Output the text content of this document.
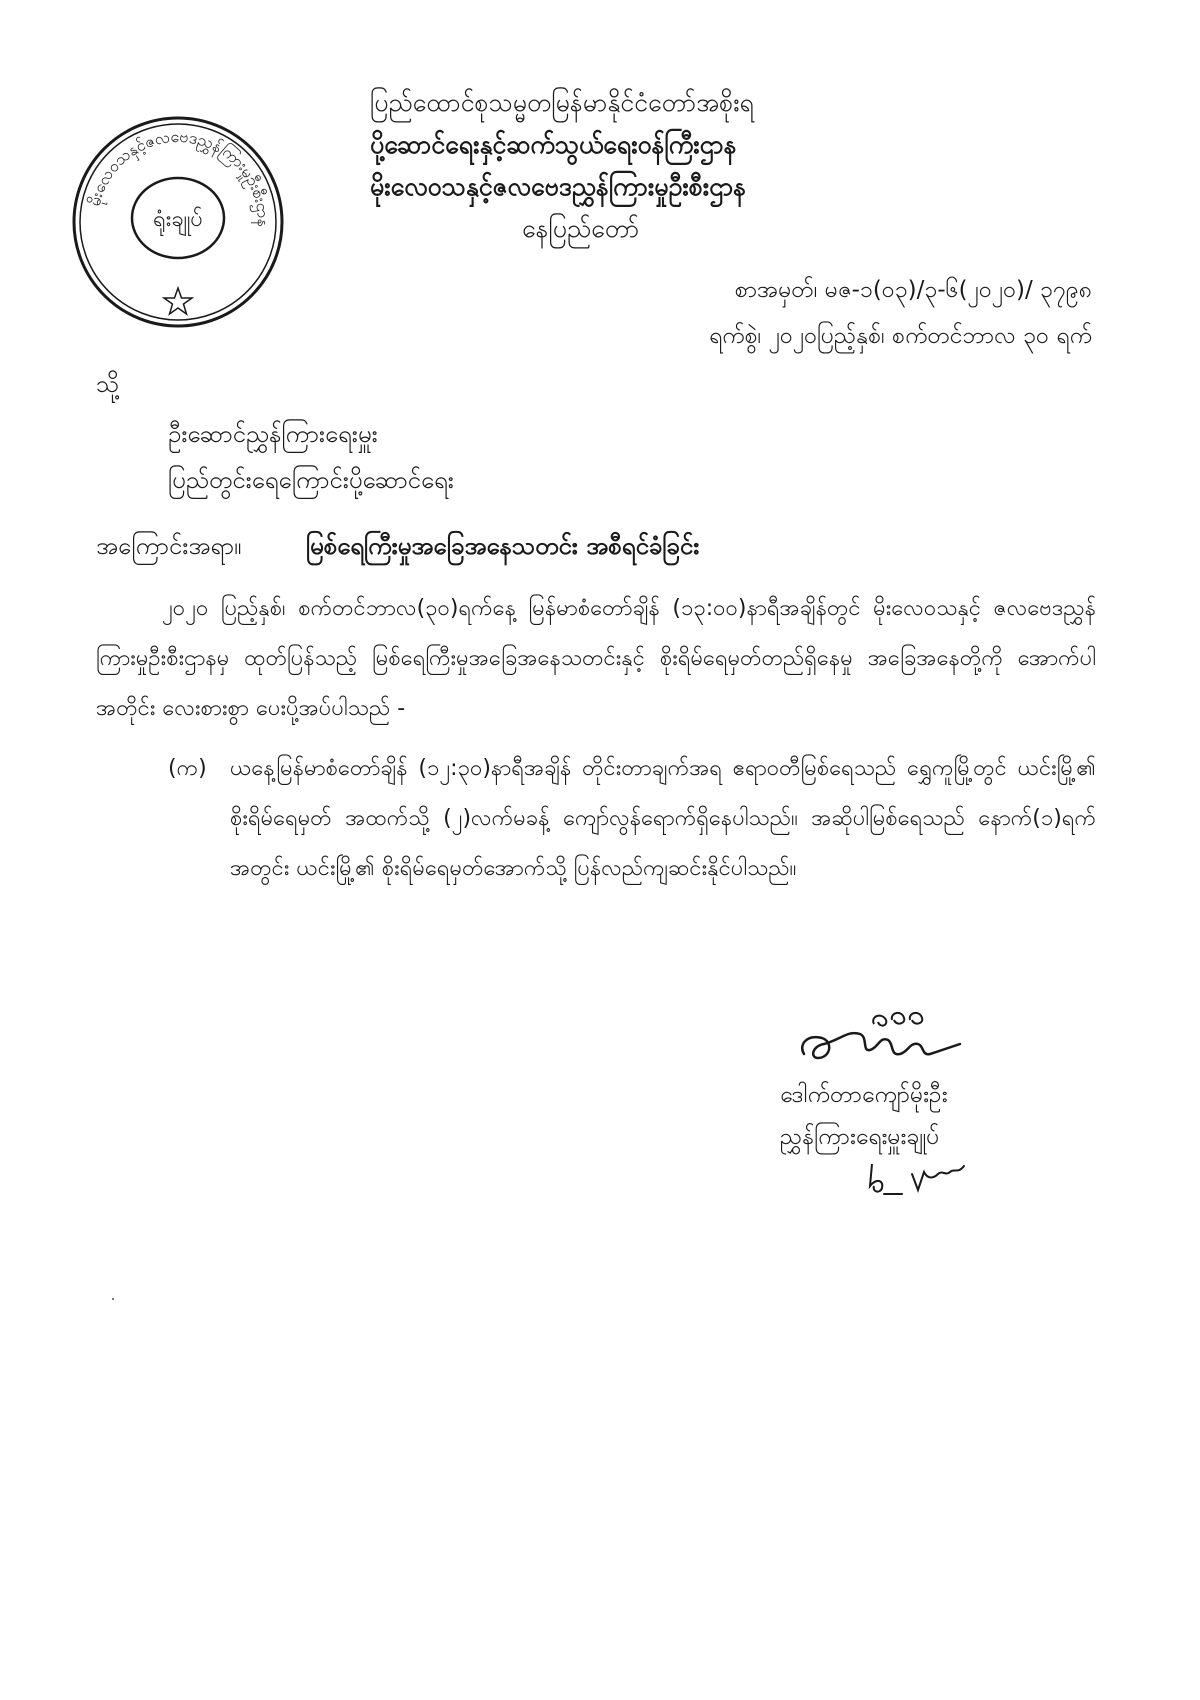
မိုးလေဝသနှင့်ဇလဗေဒညွှန်ကြားမှုဦးစီးဌာန
ရုံးချုပ်
ပြည်ထောင်စုသမ္မတမြန်မာနိုင်ငံတော်အစိုးရ
ပို့ဆောင်ရေးနှင့်ဆက်သွယ်ရေးဝန်ကြီးဌာန
မိုးလေဝသနှင့်ဇလဗေဒညွှန်ကြားမှုဦးစီးဌာန
နေပြည်တော်
စာအမှတ်၊ မဇ-၁(၀၃)/၃-၆(၂၀၂၀)/ ၃၇၉၈
ရက်စွဲ၊ ၂၀၂၀ပြည့်နှစ်၊ စက်တင်ဘာလ ၃၀ ရက်
သို့
ဦးဆောင်ညွှန်ကြားရေးမှူး
ပြည်တွင်းရေကြောင်းပို့ဆောင်ရေး
အကြောင်းအရာ။	မြစ်ရေကြီးမှုအခြေအနေသတင်း အစီရင်ခံခြင်း
၂၀၂၀ ပြည့်နှစ်၊ စက်တင်ဘာလ(၃၀)ရက်နေ့ မြန်မာစံတော်ချိန် (၁၃:၀၀)နာရီအချိန်တွင် မိုးလေဝသနှင့် ဇလဗေဒညွှန်ကြားမှုဦးစီးဌာနမှ ထုတ်ပြန်သည့် မြစ်ရေကြီးမှုအခြေအနေသတင်းနှင့် စိုးရိမ်ရေမှတ်တည်ရှိနေမှု အခြေအနေတို့ကို အောက်ပါအတိုင်း လေးစားစွာ ပေးပို့အပ်ပါသည် -
(က) ယနေ့မြန်မာစံတော်ချိန် (၁၂:၃၀)နာရီအချိန် တိုင်းတာချက်အရ ဧရာဝတီမြစ်ရေသည် ရွှေကူမြို့တွင် ယင်းမြို့၏ စိုးရိမ်ရေမှတ် အထက်သို့ (၂)လက်မခန့် ကျော်လွန်ရောက်ရှိနေပါသည်။ အဆိုပါမြစ်ရေသည် နောက်(၁)ရက်အတွင်း ယင်းမြို့၏ စိုးရိမ်ရေမှတ်အောက်သို့ ပြန်လည်ကျဆင်းနိုင်ပါသည်။
ဒေါက်တာကျော်မိုးဦး
ညွှန်ကြားရေးမှူးချုပ်
